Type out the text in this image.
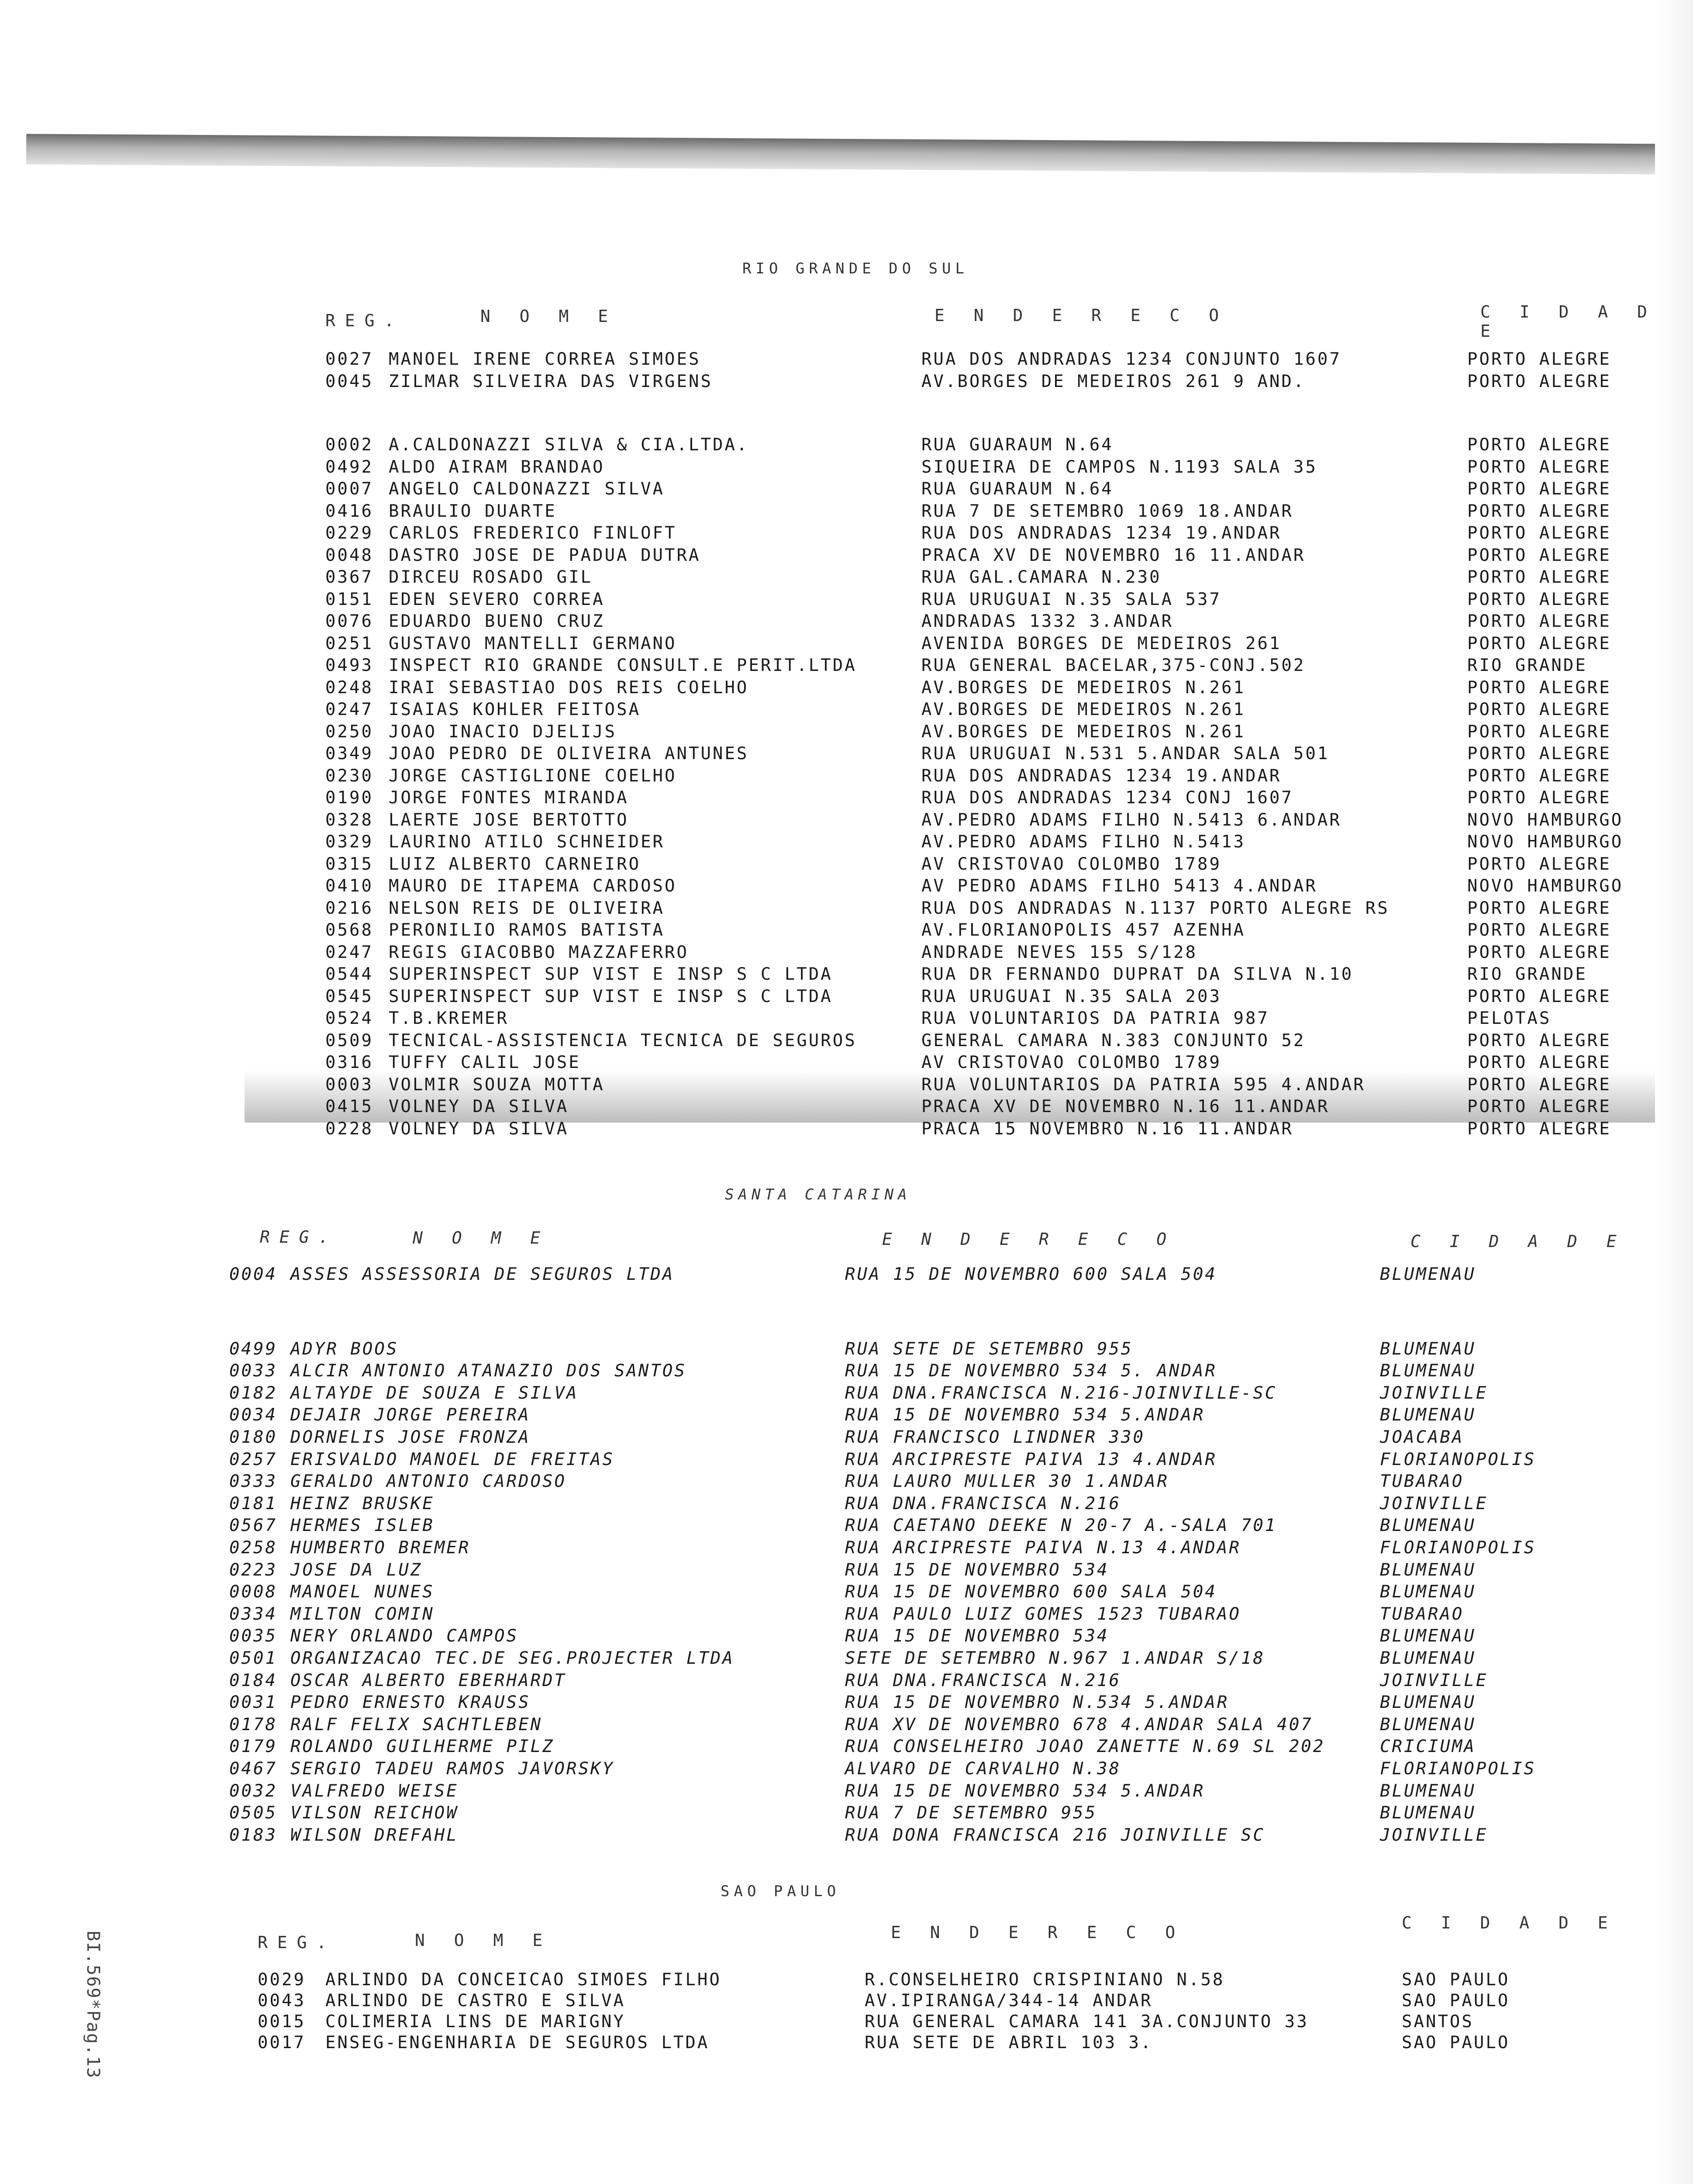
RIO GRANDE DO SUL
REG.	N O M E	E N D E R E C O	C I D A D E
0027 MANOEL IRENE CORREA SIMOES	RUA DOS ANDRADAS 1234 CONJUNTO 1607	PORTO ALEGRE
0045 ZILMAR SILVEIRA DAS VIRGENS	AV.BORGES DE MEDEIROS 261 9 AND.	PORTO ALEGRE
0002 A.CALDONAZZI SILVA & CIA.LTDA.	RUA GUARAUM N.64	PORTO ALEGRE
0492 ALDO AIRAM BRANDAO	SIQUEIRA DE CAMPOS N.1193 SALA 35	PORTO ALEGRE
0007 ANGELO CALDONAZZI SILVA	RUA GUARAUM N.64	PORTO ALEGRE
0416 BRAULIO DUARTE	RUA 7 DE SETEMBRO 1069 18.ANDAR	PORTO ALEGRE
0229 CARLOS FREDERICO FINLOFT	RUA DOS ANDRADAS 1234 19.ANDAR	PORTO ALEGRE
0048 DASTRO JOSE DE PADUA DUTRA	PRACA XV DE NOVEMBRO 16 11.ANDAR	PORTO ALEGRE
0367 DIRCEU ROSADO GIL	RUA GAL.CAMARA N.230	PORTO ALEGRE
0151 EDEN SEVERO CORREA	RUA URUGUAI N.35 SALA 537	PORTO ALEGRE
0076 EDUARDO BUENO CRUZ	ANDRADAS 1332 3.ANDAR	PORTO ALEGRE
0251 GUSTAVO MANTELLI GERMANO	AVENIDA BORGES DE MEDEIROS 261	PORTO ALEGRE
0493 INSPECT RIO GRANDE CONSULT.E PERIT.LTDA	RUA GENERAL BACELAR,375-CONJ.502	RIO GRANDE
0248 IRAI SEBASTIAO DOS REIS COELHO	AV.BORGES DE MEDEIROS N.261	PORTO ALEGRE
0247 ISAIAS KOHLER FEITOSA	AV.BORGES DE MEDEIROS N.261	PORTO ALEGRE
0250 JOAO INACIO DJELIJS	AV.BORGES DE MEDEIROS N.261	PORTO ALEGRE
0349 JOAO PEDRO DE OLIVEIRA ANTUNES	RUA URUGUAI N.531 5.ANDAR SALA 501	PORTO ALEGRE
0230 JORGE CASTIGLIONE COELHO	RUA DOS ANDRADAS 1234 19.ANDAR	PORTO ALEGRE
0190 JORGE FONTES MIRANDA	RUA DOS ANDRADAS 1234 CONJ 1607	PORTO ALEGRE
0328 LAERTE JOSE BERTOTTO	AV.PEDRO ADAMS FILHO N.5413 6.ANDAR	NOVO HAMBURGO
0329 LAURINO ATILO SCHNEIDER	AV.PEDRO ADAMS FILHO N.5413	NOVO HAMBURGO
0315 LUIZ ALBERTO CARNEIRO	AV CRISTOVAO COLOMBO 1789	PORTO ALEGRE
0410 MAURO DE ITAPEMA CARDOSO	AV PEDRO ADAMS FILHO 5413 4.ANDAR	NOVO HAMBURGO
0216 NELSON REIS DE OLIVEIRA	RUA DOS ANDRADAS N.1137 PORTO ALEGRE RS	PORTO ALEGRE
0568 PERONILIO RAMOS BATISTA	AV.FLORIANOPOLIS 457 AZENHA	PORTO ALEGRE
0247 REGIS GIACOBBO MAZZAFERRO	ANDRADE NEVES 155 S/128	PORTO ALEGRE
0544 SUPERINSPECT SUP VIST E INSP S C LTDA	RUA DR FERNANDO DUPRAT DA SILVA N.10	RIO GRANDE
0545 SUPERINSPECT SUP VIST E INSP S C LTDA	RUA URUGUAI N.35 SALA 203	PORTO ALEGRE
0524 T.B.KREMER	RUA VOLUNTARIOS DA PATRIA 987	PELOTAS
0509 TECNICAL-ASSISTENCIA TECNICA DE SEGUROS	GENERAL CAMARA N.383 CONJUNTO 52	PORTO ALEGRE
0316 TUFFY CALIL JOSE	AV CRISTOVAO COLOMBO 1789	PORTO ALEGRE
0003 VOLMIR SOUZA MOTTA	RUA VOLUNTARIOS DA PATRIA 595 4.ANDAR	PORTO ALEGRE
0415 VOLNEY DA SILVA	PRACA XV DE NOVEMBRO N.16 11.ANDAR	PORTO ALEGRE
0228 VOLNEY DA SILVA	PRACA 15 NOVEMBRO N.16 11.ANDAR	PORTO ALEGRE
SANTA CATARINA
REG.	N O M E	E N D E R E C O	C I D A D E
0004 ASSES ASSESSORIA DE SEGUROS LTDA	RUA 15 DE NOVEMBRO 600 SALA 504	BLUMENAU
0499 ADYR BOOS	RUA SETE DE SETEMBRO 955	BLUMENAU
0033 ALCIR ANTONIO ATANAZIO DOS SANTOS	RUA 15 DE NOVEMBRO 534 5. ANDAR	BLUMENAU
0182 ALTAYDE DE SOUZA E SILVA	RUA DNA.FRANCISCA N.216-JOINVILLE-SC	JOINVILLE
0034 DEJAIR JORGE PEREIRA	RUA 15 DE NOVEMBRO 534 5.ANDAR	BLUMENAU
0180 DORNELIS JOSE FRONZA	RUA FRANCISCO LINDNER 330	JOACABA
0257 ERISVALDO MANOEL DE FREITAS	RUA ARCIPRESTE PAIVA 13 4.ANDAR	FLORIANOPOLIS
0333 GERALDO ANTONIO CARDOSO	RUA LAURO MULLER 30 1.ANDAR	TUBARAO
0181 HEINZ BRUSKE	RUA DNA.FRANCISCA N.216	JOINVILLE
0567 HERMES ISLEB	RUA CAETANO DEEKE N 20-7 A.-SALA 701	BLUMENAU
0258 HUMBERTO BREMER	RUA ARCIPRESTE PAIVA N.13 4.ANDAR	FLORIANOPOLIS
0223 JOSE DA LUZ	RUA 15 DE NOVEMBRO 534	BLUMENAU
0008 MANOEL NUNES	RUA 15 DE NOVEMBRO 600 SALA 504	BLUMENAU
0334 MILTON COMIN	RUA PAULO LUIZ GOMES 1523 TUBARAO	TUBARAO
0035 NERY ORLANDO CAMPOS	RUA 15 DE NOVEMBRO 534	BLUMENAU
0501 ORGANIZACAO TEC.DE SEG.PROJECTER LTDA	SETE DE SETEMBRO N.967 1.ANDAR S/18	BLUMENAU
0184 OSCAR ALBERTO EBERHARDT	RUA DNA.FRANCISCA N.216	JOINVILLE
0031 PEDRO ERNESTO KRAUSS	RUA 15 DE NOVEMBRO N.534 5.ANDAR	BLUMENAU
0178 RALF FELIX SACHTLEBEN	RUA XV DE NOVEMBRO 678 4.ANDAR SALA 407	BLUMENAU
0179 ROLANDO GUILHERME PILZ	RUA CONSELHEIRO JOAO ZANETTE N.69 SL 202	CRICIUMA
0467 SERGIO TADEU RAMOS JAVORSKY	ALVARO DE CARVALHO N.38	FLORIANOPOLIS
0032 VALFREDO WEISE	RUA 15 DE NOVEMBRO 534 5.ANDAR	BLUMENAU
0505 VILSON REICHOW	RUA 7 DE SETEMBRO 955	BLUMENAU
0183 WILSON DREFAHL	RUA DONA FRANCISCA 216 JOINVILLE SC	JOINVILLE
SAO PAULO
REG.	N O M E	E N D E R E C O	C I D A D E
0029 ARLINDO DA CONCEICAO SIMOES FILHO	R.CONSELHEIRO CRISPINIANO N.58	SAO PAULO
0043 ARLINDO DE CASTRO E SILVA	AV.IPIRANGA/344-14 ANDAR	SAO PAULO
0015 COLIMERIA LINS DE MARIGNY	RUA GENERAL CAMARA 141 3A.CONJUNTO 33	SANTOS
0017 ENSEG-ENGENHARIA DE SEGUROS LTDA	RUA SETE DE ABRIL 103 3.	SAO PAULO
BI.569*Pag.13
